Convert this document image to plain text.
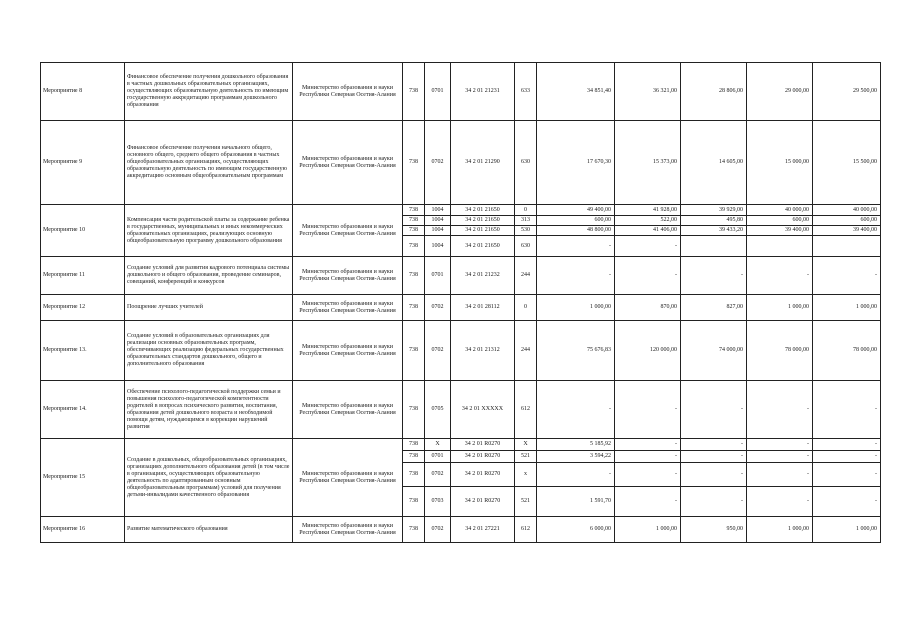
Мероприятие 8	Финансовое обеспечение получения дошкольного образования в частных дошкольных образовательных организациях, осуществляющих образовательную деятельность по имеющим государственную аккредитацию программам дошкольного образования	Министерство образования и науки Республики Северная Осетия-Алания	738	0701	34 2 01 21231	633	34 851,40	36 321,00	28 806,00	29 000,00	29 500,00
Мероприятие 9	Финансовое обеспечение получения начального общего, основного общего, среднего общего образования в частных общеобразовательных организациях, осуществляющих образовательную деятельность по имеющим государственную аккредитацию основным общеобразовательным программам	Министерство образования и науки Республики Северная Осетия-Алания	738	0702	34 2 01 21290	630	17 670,30	15 373,00	14 605,00	15 000,00	15 500,00
Мероприятие 10	Компенсация части родительской платы за содержание ребенка в государственных, муниципальных и иных некоммерческих образовательных организациях, реализующих основную общеобразовательную программу дошкольного образования	Министерство образования и науки Республики Северная Осетия-Алания	738	1004	34 2 01 21650	0	49 400,00	41 928,00	39 929,00	40 000,00	40 000,00
			738	1004	34 2 01 21650	313	600,00	522,00	495,80	600,00	600,00
			738	1004	34 2 01 21650	530	48 800,00	41 406,00	39 433,20	39 400,00	39 400,00
			738	1004	34 2 01 21650	630	-	-			
Мероприятие 11	Создание условий для развития кадрового потенциала системы дошкольного и общего образования, проведение семинаров, совещаний, конференций и конкурсов	Министерство образования и науки Республики Северная Осетия-Алания	738	0701	34 2 01 21232	244	-	-	-	-	-
Мероприятие 12	Поощрение лучших учителей	Министерство образования и науки Республики Северная Осетия-Алания	738	0702	34 2 01 28112	0	1 000,00	870,00	827,00	1 000,00	1 000,00
Мероприятие 13.	Создание условий в образовательных организациях для реализации основных образовательных программ, обеспечивающих реализацию федеральных государственных образовательных стандартов дошкольного, общего и дополнительного образования	Министерство образования и науки Республики Северная Осетия-Алания	738	0702	34 2 01 21312	244	75 676,83	120 000,00	74 000,00	78 000,00	78 000,00
Мероприятие 14.	Обеспечение психолого-педагогической поддержки семьи и повышения психолого-педагогической компетентности родителей в вопросах психического развития, воспитания, образования детей дошкольного возраста и необходимой помощи детям, нуждающимся в коррекции нарушений развития	Министерство образования и науки Республики Северная Осетия-Алания	738	0705	34 2 01 XXXXX	612	-	-	-	-	-
Мероприятие 15	Создание в дошкольных, общеобразовательных организациях, организациях дополнительного образования детей (в том числе в организациях, осуществляющих образовательную деятельность по адаптированным основным общеобразовательным программам) условий для получения детьми-инвалидами качественного образования	Министерство образования и науки Республики Северная Осетия-Алания	738	Х	34 2 01 R0270	Х	5 185,92	-	-	-	-
			738	0701	34 2 01 R0270	521	3 594,22	-	-	-	-
			738	0702	34 2 01 R0270	х	-	-	-	-	-
			738	0703	34 2 01 R0270	521	1 591,70	-	-	-	-
Мероприятие 16	Развитие математического образования	Министерство образования и науки Республики Северная Осетия-Алания	738	0702	34 2 01 27221	612	6 000,00	1 000,00	950,00	1 000,00	1 000,00
